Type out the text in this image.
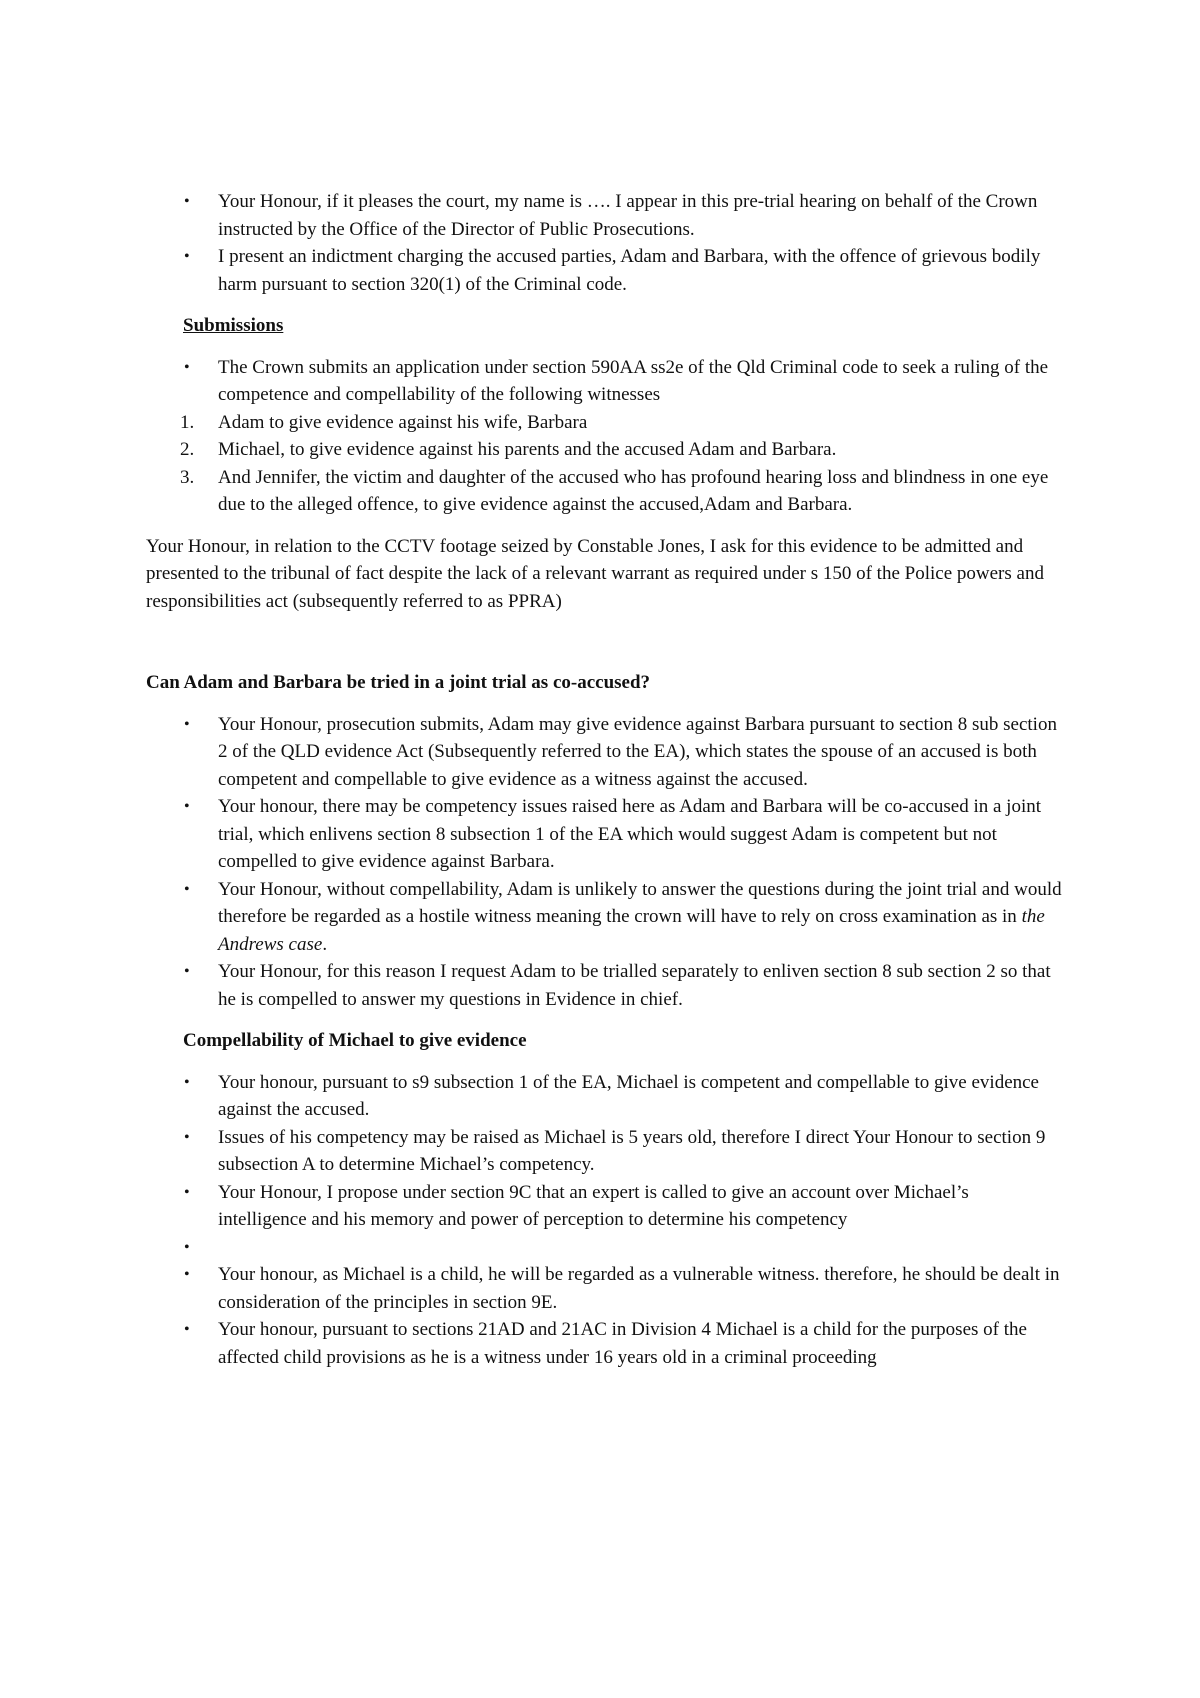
• Your Honour, if it pleases the court, my name is …. I appear in this pre-trial hearing on behalf of the Crown instructed by the Office of the Director of Public Prosecutions.
• I present an indictment charging the accused parties, Adam and Barbara, with the offence of grievous bodily harm pursuant to section 320(1) of the Criminal code.
Submissions
• The Crown submits an application under section 590AA ss2e of the Qld Criminal code to seek a ruling of the competence and compellability of the following witnesses
1. Adam to give evidence against his wife, Barbara
2. Michael, to give evidence against his parents and the accused Adam and Barbara.
3. And Jennifer, the victim and daughter of the accused who has profound hearing loss and blindness in one eye due to the alleged offence, to give evidence against the accused,Adam and Barbara.

Your Honour, in relation to the CCTV footage seized by Constable Jones, I ask for this evidence to be admitted and presented to the tribunal of fact despite the lack of a relevant warrant as required under s 150 of the Police powers and responsibilities act (subsequently referred to as PPRA)

Can Adam and Barbara be tried in a joint trial as co-accused?

• Your Honour, prosecution submits, Adam may give evidence against Barbara pursuant to section 8 sub section 2 of the QLD evidence Act (Subsequently referred to the EA), which states the spouse of an accused is both competent and compellable to give evidence as a witness against the accused.
• Your honour, there may be competency issues raised here as Adam and Barbara will be co-accused in a joint trial, which enlivens section 8 subsection 1 of the EA which would suggest Adam is competent but not compelled to give evidence against Barbara.
• Your Honour, without compellability, Adam is unlikely to answer the questions during the joint trial and would therefore be regarded as a hostile witness meaning the crown will have to rely on cross examination as in the Andrews case.
• Your Honour, for this reason I request Adam to be trialled separately to enliven section 8 sub section 2 so that he is compelled to answer my questions in Evidence in chief.
Compellability of Michael to give evidence
• Your honour, pursuant to s9 subsection 1 of the EA, Michael is competent and compellable to give evidence against the accused.
• Issues of his competency may be raised as Michael is 5 years old, therefore I direct Your Honour to section 9 subsection A to determine Michael’s competency.
• Your Honour, I propose under section 9C that an expert is called to give an account over Michael’s intelligence and his memory and power of perception to determine his competency
•

• Your honour, as Michael is a child, he will be regarded as a vulnerable witness. therefore, he should be dealt in consideration of the principles in section 9E.
• Your honour, pursuant to sections 21AD and 21AC in Division 4 Michael is a child for the purposes of the affected child provisions as he is a witness under 16 years old in a criminal proceeding
